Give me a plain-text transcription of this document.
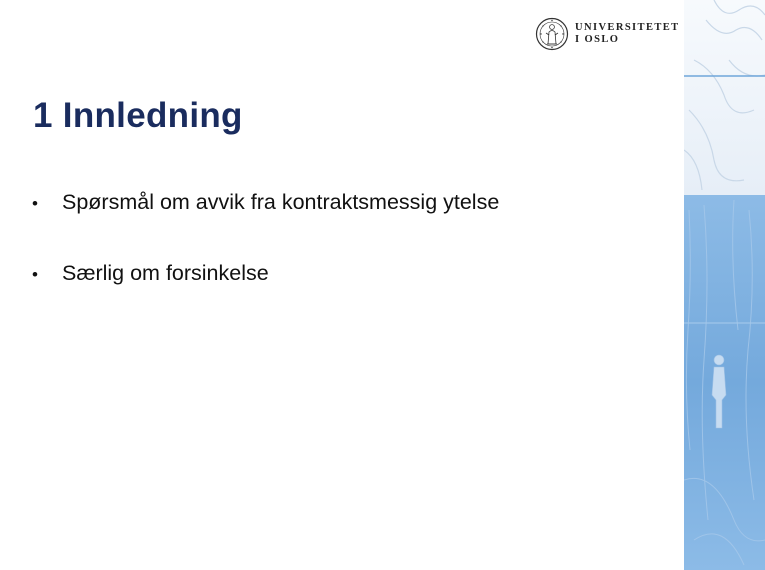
UNIVERSITETET
I OSLO
1 Innledning
•	Spørsmål om avvik fra kontraktsmessig ytelse
•	Særlig om forsinkelse
